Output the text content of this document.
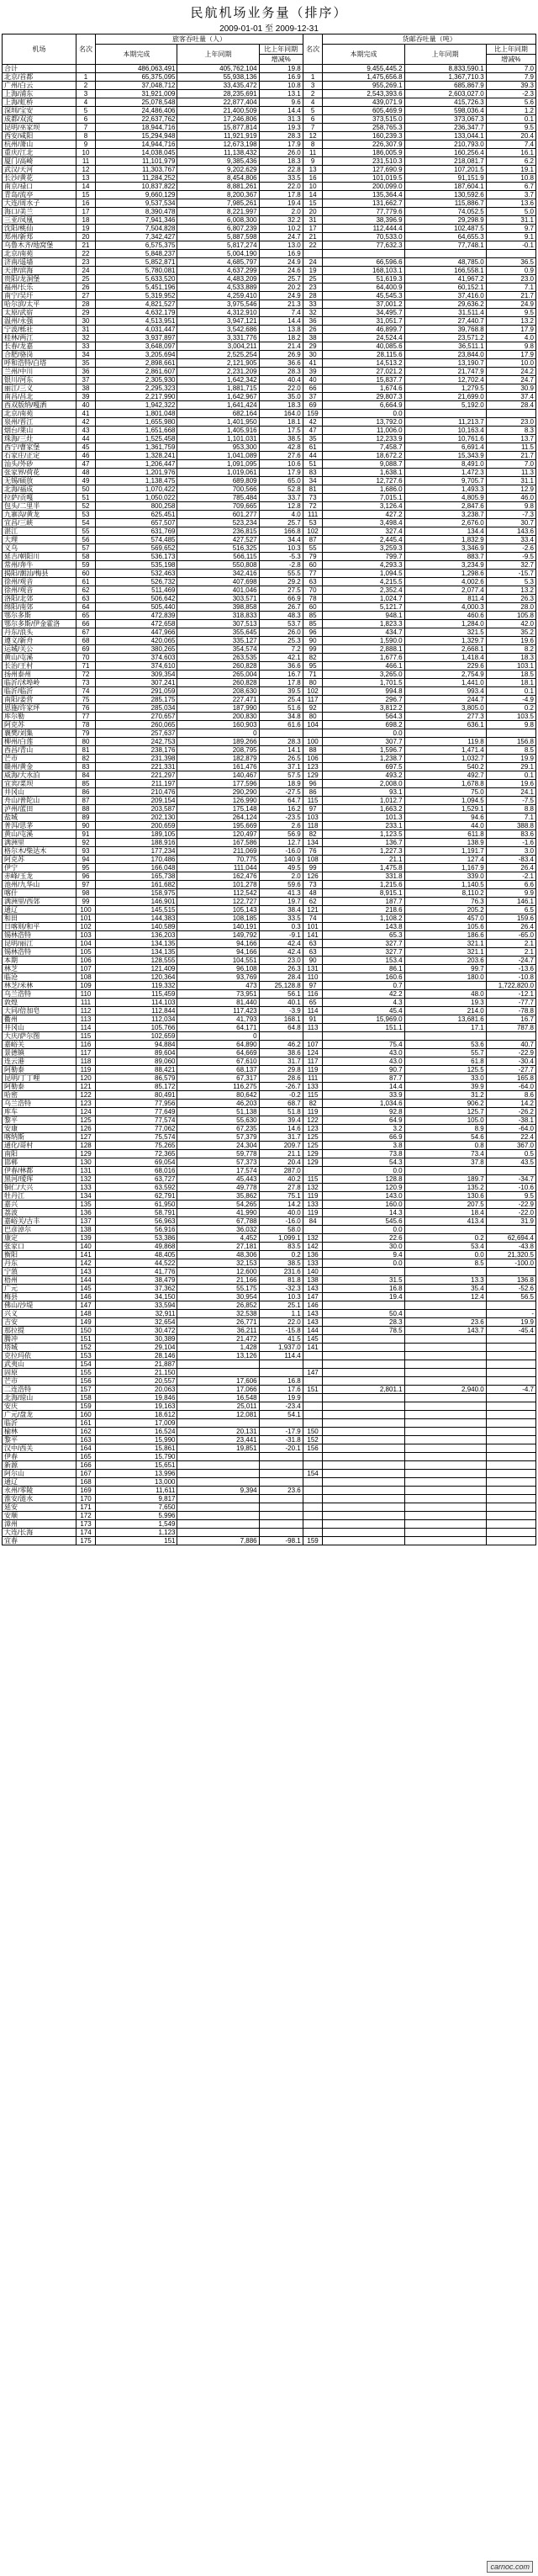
民航机场业务量（排序）
2009-01-01 至 2009-12-31
机场	名次	旅客吞吐量（人）			名次	货邮吞吐量（吨）		
		本期完成	上年同期	比上年同期		本期完成	上年同期	比上年同期
				增减%				增减%
合计		486,063,491	405,762,104	19.8		9,455,445.2	8,833,590.1	7.0
北京/首都	1	65,375,095	55,938,136	16.9	1	1,475,656.8	1,367,710.3	7.9
广州/白云	2	37,048,712	33,435,472	10.8	3	955,269.1	685,867.9	39.3
上海/浦东	3	31,921,009	28,235,691	13.1	2	2,543,393.6	2,603,027.0	-2.3
上海/虹桥	4	25,078,548	22,877,404	9.6	4	439,071.9	415,726.3	5.6
深圳/宝安	5	24,486,406	21,400,509	14.4	5	605,469.9	598,036.4	1.2
成都/双流	6	22,637,762	17,246,806	31.3	6	373,515.0	373,067.3	0.1
昆明/巫家坝	7	18,944,716	15,877,814	19.3	7	258,765.3	236,347.7	9.5
西安/咸阳	8	15,294,948	11,921,919	28.3	12	160,239.3	133,044.1	20.4
杭州/萧山	9	14,944,716	12,673,198	17.9	8	226,307.9	210,793.0	7.4
重庆/江北	10	14,038,045	11,138,432	26.0	11	186,005.9	160,256.4	16.1
厦门/高崎	11	11,101,979	9,385,436	18.3	9	231,510.3	218,081.7	6.2
武汉/天河	12	11,303,767	9,202,629	22.8	13	127,690.9	107,201.5	19.1
长沙/黄花	13	11,284,252	8,454,806	33.5	16	101,019.5	91,151.9	10.8
南京/禄口	14	10,837,822	8,881,261	22.0	10	200,099.0	187,604.1	6.7
青岛/流亭	15	9,660,129	8,200,367	17.8	14	135,364.4	130,592.6	3.7
大连/周水子	16	9,537,534	7,985,261	19.4	15	131,662.7	115,886.7	13.6
海口/美兰	17	8,390,478	8,221,997	2.0	20	77,779.6	74,052.5	5.0
三亚/凤凰	18	7,941,346	6,008,300	32.2	31	38,396.9	29,298.9	31.1
沈阳/桃仙	19	7,504,828	6,807,239	10.2	17	112,444.4	102,487.5	9.7
郑州/新郑	20	7,342,427	5,887,598	24.7	21	70,533.0	64,655.3	9.1
乌鲁木齐/地窝堡	21	6,575,375	5,817,274	13.0	22	77,632.3	77,748.1	-0.1
北京/南苑	22	5,848,237	5,004,190	16.9				
济南/遥墙	23	5,852,871	4,685,797	24.9	24	66,596.6	48,785.0	36.5
天津/滨海	24	5,780,081	4,637,299	24.6	19	168,103.1	166,558.1	0.9
贵阳/龙洞堡	25	5,633,520	4,483,209	25.7	25	51,619.3	41,967.2	23.0
福州/长乐	26	5,451,196	4,533,889	20.2	23	64,400.9	60,152.1	7.1
南宁/吴圩	27	5,319,952	4,259,410	24.9	28	45,545.3	37,416.0	21.7
哈尔滨/太平	28	4,821,527	3,975,546	21.3	33	37,001.2	29,636.2	24.9
太原/武宿	29	4,632,179	4,312,910	7.4	32	34,495.7	31,511.4	9.5
温州/永强	30	4,513,951	3,947,121	14.4	36	31,051.7	27,440.7	13.2
宁波/栎社	31	4,031,447	3,542,686	13.8	26	46,899.7	39,768.8	17.9
桂林/两江	32	3,937,897	3,331,776	18.2	38	24,524.4	23,571.2	4.0
长春/龙嘉	33	3,648,097	3,004,211	21.4	29	40,085.6	36,511.1	9.8
合肥/骆岗	34	3,205,694	2,525,254	26.9	30	28,115.6	23,844.0	17.9
呼和浩特/白塔	35	2,898,661	2,121,905	36.6	41	14,513.2	13,190.7	10.0
兰州/中川	36	2,861,607	2,231,209	28.3	39	27,021.2	21,747.9	24.2
银川/河东	37	2,305,930	1,642,342	40.4	40	15,837.7	12,702.4	24.7
丽江/三义	38	2,295,323	1,881,715	22.0	66	1,674.6	1,279.5	30.9
南昌/昌北	39	2,217,990	1,642,967	35.0	37	29,807.3	21,699.0	37.4
西双版纳/嘎洒	40	1,942,322	1,641,424	18.3	69	6,664.9	5,192.0	28.4
北京/南苑	41	1,801,048	682,164	164.0	159	0.0		
泉州/晋江	42	1,655,980	1,401,950	18.1	42	13,792.0	11,213.7	23.0
烟台/莱山	43	1,651,668	1,405,916	17.5	47	11,006.0	10,163.4	8.3
珠海/三灶	44	1,525,458	1,101,031	38.5	35	12,233.9	10,761.6	13.7
西宁/曹家堡	45	1,361,759	953,300	42.8	61	7,458.7	6,691.4	11.5
石家庄/正定	46	1,328,241	1,041,089	27.6	44	18,672.2	15,343.9	21.7
汕头/外砂	47	1,206,447	1,091,095	10.6	51	9,088.7	8,491.0	7.0
张家界/荷花	48	1,201,976	1,019,061	17.9	83	1,638.1	1,472.3	11.3
无锡/硕放	49	1,138,475	689,809	65.0	34	12,727.6	9,705.7	31.1
北海/福成	50	1,070,422	700,566	52.8	81	1,686.0	1,493.3	12.9
拉萨/贡嘎	51	1,050,022	785,484	33.7	73	7,015.1	4,805.9	46.0
包头/二里半	52	800,258	709,665	12.8	72	3,126.4	2,847.6	9.8
九寨沟/黄龙	53	625,451	601,277	4.0	111	427.2	3,238.7	-7.3
宜昌/三峡	54	657,507	523,234	25.7	53	3,498.4	2,676.0	30.7
湛江	55	631,769	236,815	166.8	102	327.4	134.4	143.6
大理	56	574,485	427,527	34.4	87	2,445.4	1,832.9	33.4
义乌	57	569,652	516,325	10.3	55	3,259.3	3,346.9	-2.6
延吉/朝阳川	58	536,173	566,115	-5.3	79	799.7	883.7	-9.5
常州/奔牛	59	535,198	550,808	-2.8	60	4,293.3	3,234.9	32.7
揭阳/潮汕/梅县	60	532,463	342,416	55.5	77	1,094.5	1,298.6	-15.7
徐州/观音	61	526,732	407,698	29.2	63	4,215.5	4,002.6	5.3
徐州/观音	62	511,469	401,046	27.5	70	2,352.4	2,077.4	13.2
洛阳/北郊	63	506,642	303,571	66.9	78	1,024.7	811.4	26.3
绵阳/南郊	64	505,440	398,858	26.7	60	5,121.7	4,000.3	28.0
鄂尔多斯	65	472,839	318,833	48.3	85	948.1	460.6	105.8
鄂尔多斯/伊金霍洛	66	472,658	307,513	53.7	85	1,823.3	1,284.0	42.0
丹东/浪头	67	447,966	355,645	26.0	96	434.7	321.5	35.2
遵义/新舟	68	420,065	335,127	25.3	90	1,590.0	1,329.7	19.6
运城/关公	69	380,265	354,574	7.2	99	2,888.1	2,668.1	8.2
黄山/屯溪	70	374,603	263,535	42.1	82	1,677.6	1,418.4	18.3
长治/王村	71	374,610	260,828	36.6	95	466.1	229.6	103.1
扬州泰州	72	309,354	265,004	16.7	71	3,265.0	2,754.9	18.5
临沂/沭埠岭	73	307,241	260,828	17.8	80	1,701.5	1,441.0	18.1
临沂/临沂	74	291,059	208,630	39.5	102	994.8	993.4	0.1
南阳/姜营	75	285,175	227,471	25.4	117	296.7	244.7	-4.9
恩施/许家坪	76	285,034	187,990	51.6	92	3,812.2	3,805.0	0.2
库尔勒	77	270,657	200,830	34.8	80	564.3	277.3	103.5
阿克苏	78	260,065	160,903	61.6	104	698.2	636.1	9.8
襄樊/刘集	79	257,637	0			0.0		
柳州/白莲	80	242,753	189,266	28.3	100	307.7	119.8	156.8
西昌/青山	81	238,176	208,795	14.1	88	1,596.7	1,471.4	8.5
芒市	82	231,398	182,879	26.5	106	1,238.7	1,032.7	19.9
赣州/黄金	83	221,331	161,476	37.1	123	697.5	540.2	29.1
威海/大水泊	84	221,297	140,467	57.5	129	493.2	492.7	0.1
宜宾/菜坝	85	211,197	177,596	18.9	96	2,008.0	1,678.8	19.6
井冈山	86	210,476	290,290	-27.5	86	93.1	75.0	24.1
舟山/普陀山	87	209,154	126,990	64.7	115	1,012.7	1,094.5	-7.5
泸州/蓝田	88	203,587	175,148	16.2	97	1,663.2	1,529.1	8.8
盐城	89	202,130	264,124	-23.5	103	101.3	94.6	7.1
普洱/思茅	90	200,659	195,669	2.6	118	233.1	44.0	388.8
黄山/屯溪	91	189,105	120,497	56.9	82	1,123.5	611.8	83.6
满洲里	92	188,916	167,586	12.7	134	136.7	138.9	-1.6
格尔木/柴达木	93	177,234	211,069	-16.0	76	1,227.3	1,191.7	3.0
阿克苏	94	170,486	70,775	140.9	108	21.1	127.4	-83.4
伊宁	95	166,048	111,044	49.5	99	1,475.8	1,167.9	26.4
赤峰/玉龙	96	165,738	162,476	2.0	126	331.8	339.0	-2.1
池州/九华山	97	161,682	101,278	59.6	73	1,215.6	1,140.5	6.6
喀什	98	158,975	112,542	41.3	48	8,915.1	8,110.2	9.9
满洲里/西郊	99	146,901	122,727	19.7	62	187.7	76.3	146.1
通辽	100	145,515	105,143	38.4	121	218.6	205.2	6.5
和田	101	144,383	108,185	33.5	74	1,108.2	457.0	159.6
日喀则/和平	102	140,589	140,191	0.3	101	143.8	105.6	26.4
锡林浩特	103	136,203	149,792	-9.1	141	65.3	186.6	-65.0
昆明/丽江	104	134,135	94,166	42.4	63	327.7	321.1	2.1
锡林浩特	105	134,135	94,166	42.4	63	327.7	321.1	2.1
本期	106	128,555	104,551	23.0	90	153.4	203.6	-24.7
林芝	107	121,409	96,108	26.3	131	86.1	99.7	-13.6
临沧	108	120,364	93,769	28.4	110	160.6	180.0	-10.8
林芝/米林	109	119,332	473	25,128.8	97	0.7		1,722,820.0
乌兰浩特	110	115,459	73,951	56.1	116	42.2	48.0	-12.1
敦煌	111	114,103	81,440	40.1	65	4.3	19.3	-77.7
大同/倍加皂	112	112,844	117,423	-3.9	114	45.4	214.0	-78.8
衢州	113	112,034	41,793	168.1	91	15,969.0	13,681.6	16.7
井冈山	114	105,766	64,171	64.8	113	151.1	17.1	787.8
大庆/萨尔图	115	102,659	0					
嘉峪关	116	94,884	64,890	46.2	107	75.4	53.6	40.7
景德镇	117	89,604	64,669	38.6	124	43.0	55.7	-22.9
连云港	118	89,060	67,610	31.7	117	43.0	61.8	-30.4
阿勒泰	119	88,421	68,137	29.8	119	90.7	125.5	-27.7
昆明/丁丁哩	120	86,579	67,317	28.6	111	87.7	33.0	165.8
阿勒泰	121	85,172	116,275	-26.7	133	14.4	39.9	-64.0
哈密	122	80,491	80,642	-0.2	115	33.9	31.2	8.6
乌兰浩特	123	77,956	46,203	68.7	82	1,034.6	906.2	14.2
库车	124	77,649	51,138	51.8	119	92.8	125.7	-26.2
黎平	125	77,574	55,630	39.4	122	64.9	105.0	-38.1
安康	126	77,062	67,235	14.6	123	3.2	8.9	-64.0
喀纳斯	127	75,574	57,379	31.7	125	66.9	54.6	22.4
通化/哥村	128	75,265	24,304	209.7	125	3.8	0.8	367.0
南阳	129	72,365	59,778	21.1	129	73.8	73.4	0.5
邯郸	130	69,054	57,373	20.4	129	54.3	37.8	43.5
伊春/林都	131	68,016	17,574	287.0		0.0		
黑河/瑷珲	132	63,727	45,443	40.2	115	128.8	189.7	-34.7
铜仁/大兴	133	63,592	49,778	27.8	132	120.9	135.2	-10.6
牡丹江	134	62,791	35,862	75.1	119	143.0	130.6	9.5
嘉兴	135	61,950	54,265	14.2	133	160.0	207.5	-22.9
荔波	136	58,791	41,990	40.0	119	14.3	18.4	-22.0
嘉峪关/古丰	137	56,963	67,788	-16.0	84	545.6	413.4	31.9
巴彦淖尔	138	56,916	36,032	58.0		0.0		
康定	139	53,386	4,452	1,099.1	132	22.6	0.2	62,694.4
张家口	140	49,868	27,181	83.5	142	30.0	53.4	-43.8
衡阳	141	48,405	48,306	0.2	136	9.4	0.0	21,320.5
丹东	142	44,522	32,153	38.5	133	0.0	8.5	-100.0
宁蒗	143	41,776	12,600	231.6	140			
梧州	144	38,479	21,166	81.8	138	31.5	13.3	136.8
广元	145	37,362	55,175	-32.3	143	16.8	35.4	-52.6
梅县	146	34,150	30,954	10.3	147	19.4	12.4	56.5
佛山/沙堤	147	33,594	26,852	25.1	146			
兴义	148	32,911	32,538	1.1	143	50.4		-
吉安	149	32,654	26,771	22.0	143	28.3	23.6	19.9
那拉提	150	30,472	36,211	-15.8	144	78.5	143.7	-45.4
腾冲	151	30,389	21,472	41.5	145			
塔城	152	29,104	1,428	1,937.0	141			
克拉玛依	153	28,146	13,126	114.4				
武夷山	154	21,887						
固原	155	21,150			147			
芒市	156	20,557	17,606	16.8				
二连浩特	157	20,063	17,066	17.6	151	2,801.1	2,940.0	-4.7
北海/琼山	158	19,846	16,548	19.9				
安庆	159	19,163	25,011	-23.4				
广元/盘龙	160	18,612	12,081	54.1				
临沂	161	17,009						
榆林	162	16,524	20,131	-17.9	150			
黎平	163	15,990	23,441	-31.8	152			
汉中/西关	164	15,861	19,851	-20.1	156			
伊春	165	15,790						
新源	166	15,651						
阿尔山	167	13,996			154			
通辽	168	13,000						
永州/零陵	169	11,611	9,394	23.6				
淮安/涟水	170	9,817						
延安	171	7,650						
安顺	172	5,996						
漳州	173	1,549						
大连/长海	174	1,123						
宜春	175	151	7,886	-98.1	159			
carnoc.com
